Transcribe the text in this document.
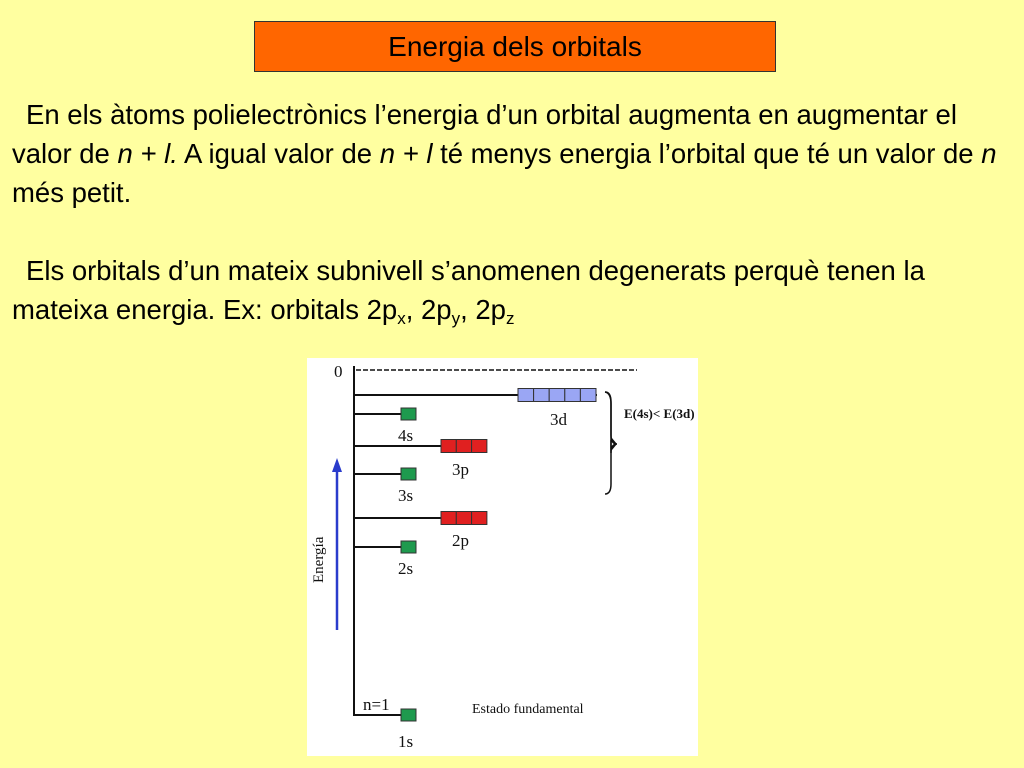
Energia dels orbitals

En els àtoms polielectrònics l’energia d’un orbital augmenta en augmentar el valor de n + l. A igual valor de n + l té menys energia l’orbital que té un valor de n més petit.

Els orbitals d’un mateix subnivell s’anomenen degenerats perquè tenen la mateixa energia. Ex: orbitals $2p_x$, $2p_y$, $2p_z$

0
Energía
E(4s)< E(3d)
n=1	Estado fundamental
1s
2s
2p
3s
3p
4s
3d
